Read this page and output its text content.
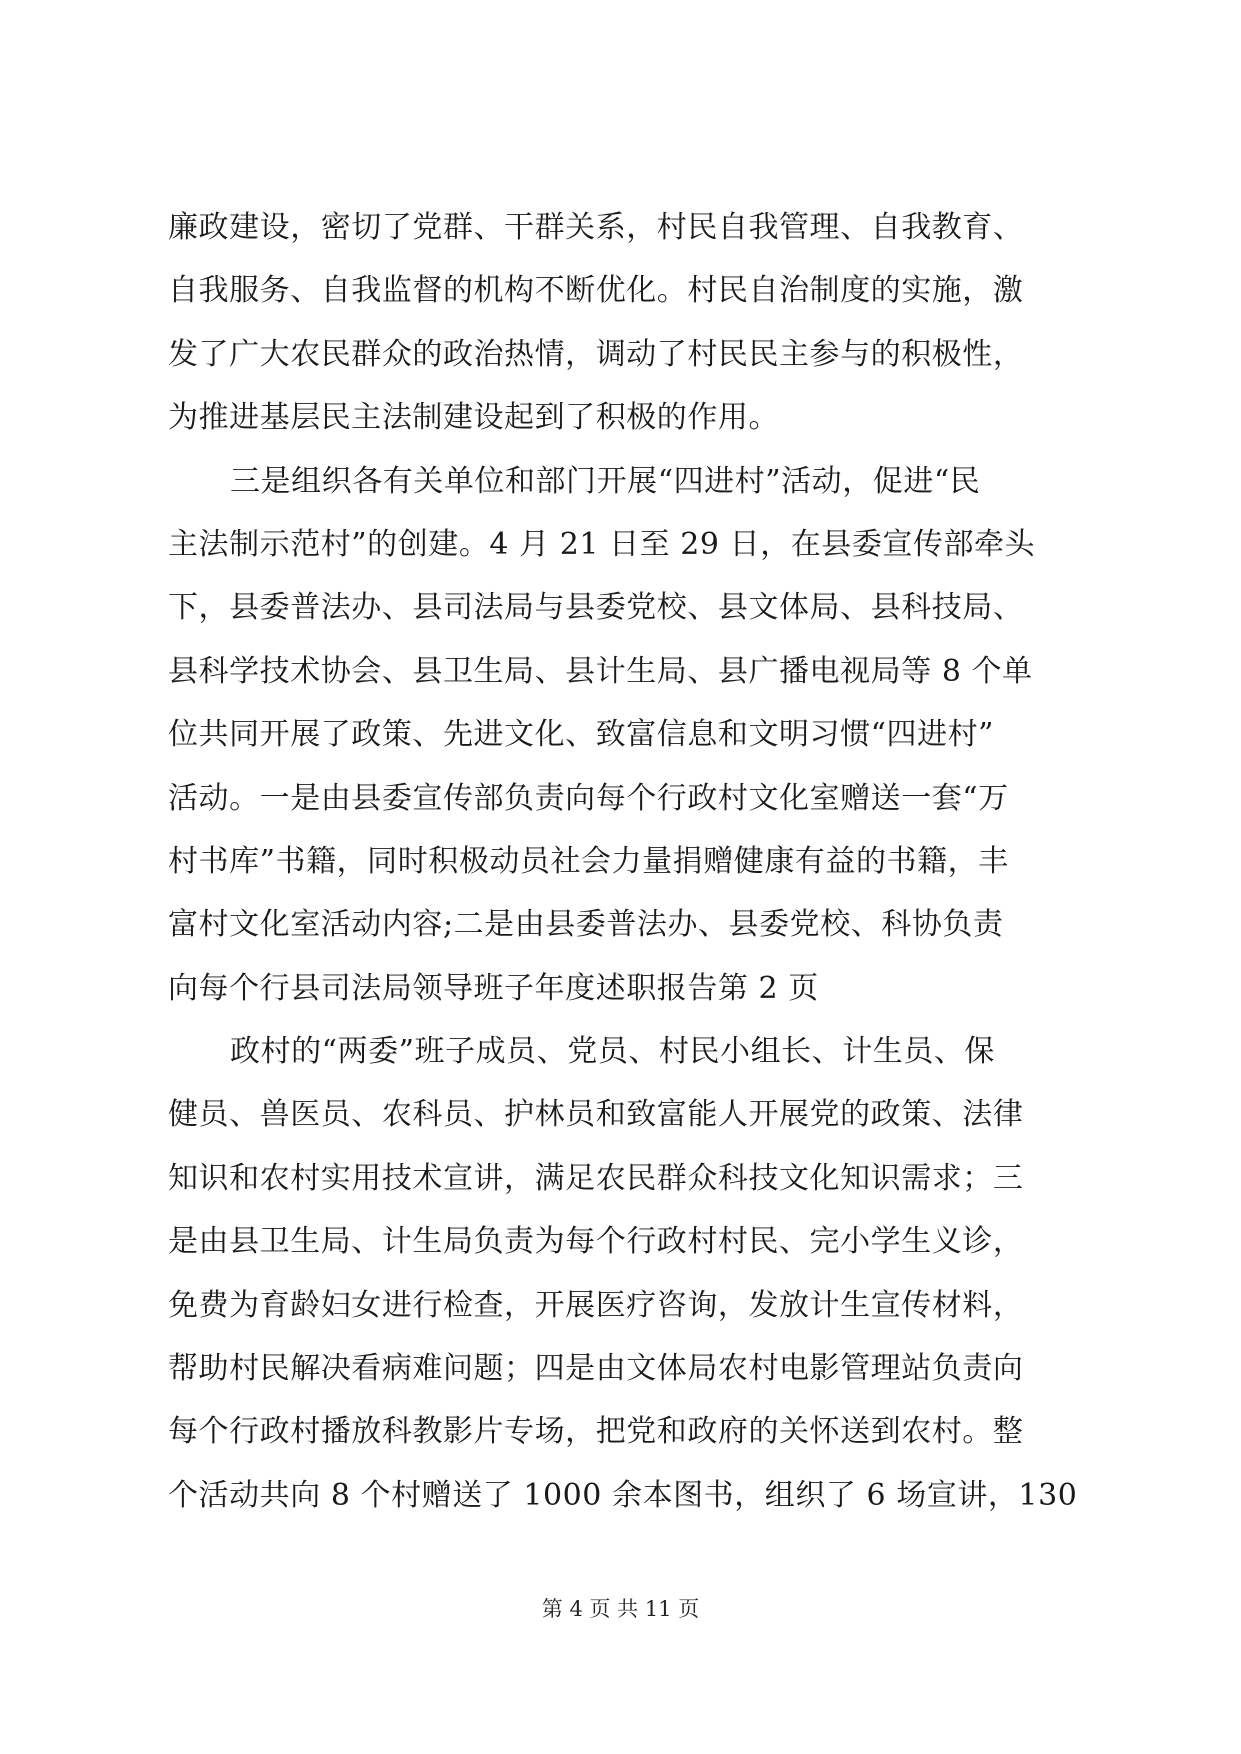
廉政建设，密切了党群、干群关系，村民自我管理、自我教育、
自我服务、自我监督的机构不断优化。村民自治制度的实施，激
发了广大农民群众的政治热情，调动了村民民主参与的积极性，
为推进基层民主法制建设起到了积极的作用。
三是组织各有关单位和部门开展“四进村”活动，促进“民
主法制示范村”的创建。4 月 21 日至 29 日，在县委宣传部牵头
下，县委普法办、县司法局与县委党校、县文体局、县科技局、
县科学技术协会、县卫生局、县计生局、县广播电视局等 8 个单
位共同开展了政策、先进文化、致富信息和文明习惯“四进村”
活动。一是由县委宣传部负责向每个行政村文化室赠送一套“万
村书库”书籍，同时积极动员社会力量捐赠健康有益的书籍，丰
富村文化室活动内容;二是由县委普法办、县委党校、科协负责
向每个行县司法局领导班子年度述职报告第 2 页
政村的“两委”班子成员、党员、村民小组长、计生员、保
健员、兽医员、农科员、护林员和致富能人开展党的政策、法律
知识和农村实用技术宣讲，满足农民群众科技文化知识需求；三
是由县卫生局、计生局负责为每个行政村村民、完小学生义诊，
免费为育龄妇女进行检查，开展医疗咨询，发放计生宣传材料，
帮助村民解决看病难问题；四是由文体局农村电影管理站负责向
每个行政村播放科教影片专场，把党和政府的关怀送到农村。整
个活动共向 8 个村赠送了 1000 余本图书，组织了 6 场宣讲，130
第 4 页 共 11 页
